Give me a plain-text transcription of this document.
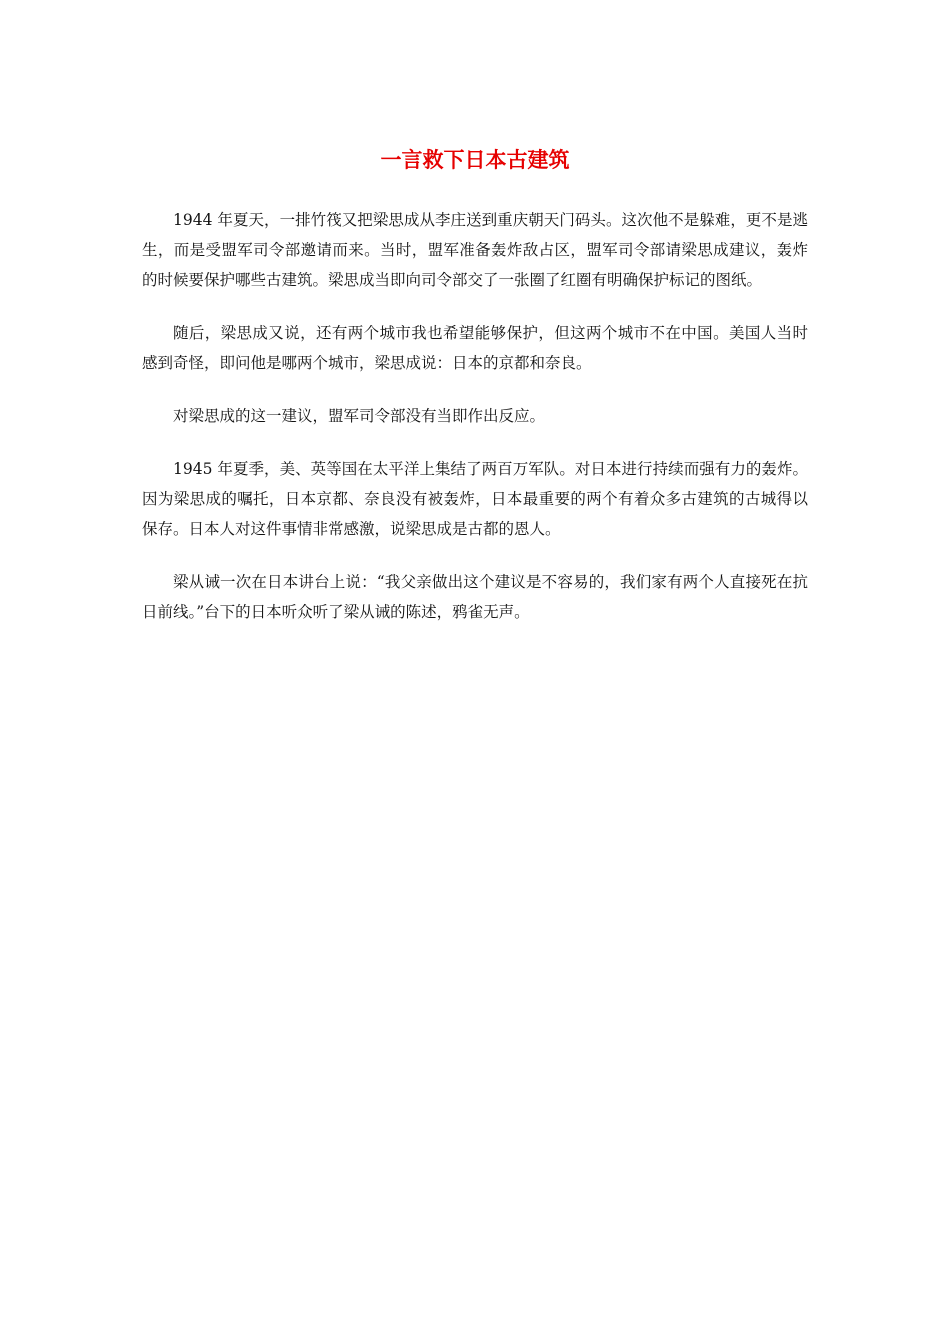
一言救下日本古建筑

1944 年夏天，一排竹筏又把梁思成从李庄送到重庆朝天门码头。这次他不是躲难，更不是逃生，而是受盟军司令部邀请而来。当时，盟军准备轰炸敌占区，盟军司令部请梁思成建议，轰炸的时候要保护哪些古建筑。梁思成当即向司令部交了一张圈了红圈有明确保护标记的图纸。

随后，梁思成又说，还有两个城市我也希望能够保护，但这两个城市不在中国。美国人当时感到奇怪，即问他是哪两个城市，梁思成说：日本的京都和奈良。

对梁思成的这一建议，盟军司令部没有当即作出反应。

1945 年夏季，美、英等国在太平洋上集结了两百万军队。对日本进行持续而强有力的轰炸。因为梁思成的嘱托，日本京都、奈良没有被轰炸，日本最重要的两个有着众多古建筑的古城得以保存。日本人对这件事情非常感激，说梁思成是古都的恩人。

梁从诫一次在日本讲台上说：“我父亲做出这个建议是不容易的，我们家有两个人直接死在抗日前线。”台下的日本听众听了梁从诫的陈述，鸦雀无声。
